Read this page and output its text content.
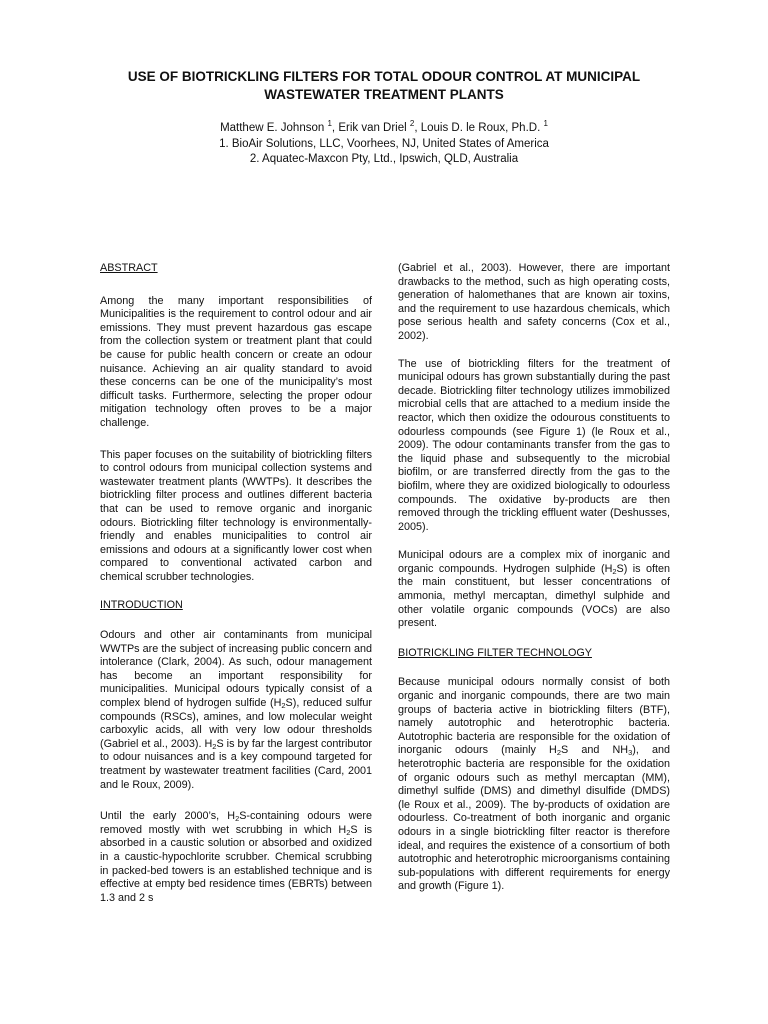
USE OF BIOTRICKLING FILTERS FOR TOTAL ODOUR CONTROL AT MUNICIPAL
WASTEWATER TREATMENT PLANTS
Matthew E. Johnson $^1$, Erik van Driel $^2$, Louis D. le Roux, Ph.D. $^1$
1. BioAir Solutions, LLC, Voorhees, NJ, United States of America
2. Aquatec-Maxcon Pty, Ltd., Ipswich, QLD, Australia

ABSTRACT

Among the many important responsibilities of Municipalities is the requirement to control odour and air emissions. They must prevent hazardous gas escape from the collection system or treatment plant that could be cause for public health concern or create an odour nuisance. Achieving an air quality standard to avoid these concerns can be one of the municipality’s most difficult tasks. Furthermore, selecting the proper odour mitigation technology often proves to be a major challenge.

This paper focuses on the suitability of biotrickling filters to control odours from municipal collection systems and wastewater treatment plants (WWTPs). It describes the biotrickling filter process and outlines different bacteria that can be used to remove organic and inorganic odours. Biotrickling filter technology is environmentally-friendly and enables municipalities to control air emissions and odours at a significantly lower cost when compared to conventional activated carbon and chemical scrubber technologies.

INTRODUCTION

Odours and other air contaminants from municipal WWTPs are the subject of increasing public concern and intolerance (Clark, 2004). As such, odour management has become an important responsibility for municipalities. Municipal odours typically consist of a complex blend of hydrogen sulfide $(H_2S)$, reduced sulfur compounds (RSCs), amines, and low molecular weight carboxylic acids, all with very low odour thresholds (Gabriel et al., 2003). $H_2S$ is by far the largest contributor to odour nuisances and is a key compound targeted for treatment by wastewater treatment facilities (Card, 2001 and le Roux, 2009).

Until the early 2000’s, $H_2S$-containing odours were removed mostly with wet scrubbing in which $H_2S$ is absorbed in a caustic solution or absorbed and oxidized in a caustic-hypochlorite scrubber. Chemical scrubbing in packed-bed towers is an established technique and is effective at empty bed residence times (EBRTs) between 1.3 and 2 s

(Gabriel et al., 2003). However, there are important drawbacks to the method, such as high operating costs, generation of halomethanes that are known air toxins, and the requirement to use hazardous chemicals, which pose serious health and safety concerns (Cox et al., 2002).

The use of biotrickling filters for the treatment of municipal odours has grown substantially during the past decade. Biotrickling filter technology utilizes immobilized microbial cells that are attached to a medium inside the reactor, which then oxidize the odourous constituents to odourless compounds (see Figure 1) (le Roux et al., 2009). The odour contaminants transfer from the gas to the liquid phase and subsequently to the microbial biofilm, or are transferred directly from the gas to the biofilm, where they are oxidized biologically to odourless compounds. The oxidative by-products are then removed through the trickling effluent water (Deshusses, 2005).

Municipal odours are a complex mix of inorganic and organic compounds. Hydrogen sulphide $(H_2S)$ is often the main constituent, but lesser concentrations of ammonia, methyl mercaptan, dimethyl sulphide and other volatile organic compounds (VOCs) are also present.

BIOTRICKLING FILTER TECHNOLOGY

Because municipal odours normally consist of both organic and inorganic compounds, there are two main groups of bacteria active in biotrickling filters (BTF), namely autotrophic and heterotrophic bacteria. Autotrophic bacteria are responsible for the oxidation of inorganic odours (mainly $H_2S$ and $NH_3$), and heterotrophic bacteria are responsible for the oxidation of organic odours such as methyl mercaptan (MM), dimethyl sulfide (DMS) and dimethyl disulfide (DMDS) (le Roux et al., 2009). The by-products of oxidation are odourless. Co-treatment of both inorganic and organic odours in a single biotrickling filter reactor is therefore ideal, and requires the existence of a consortium of both autotrophic and heterotrophic microorganisms containing sub-populations with different requirements for energy and growth (Figure 1).
